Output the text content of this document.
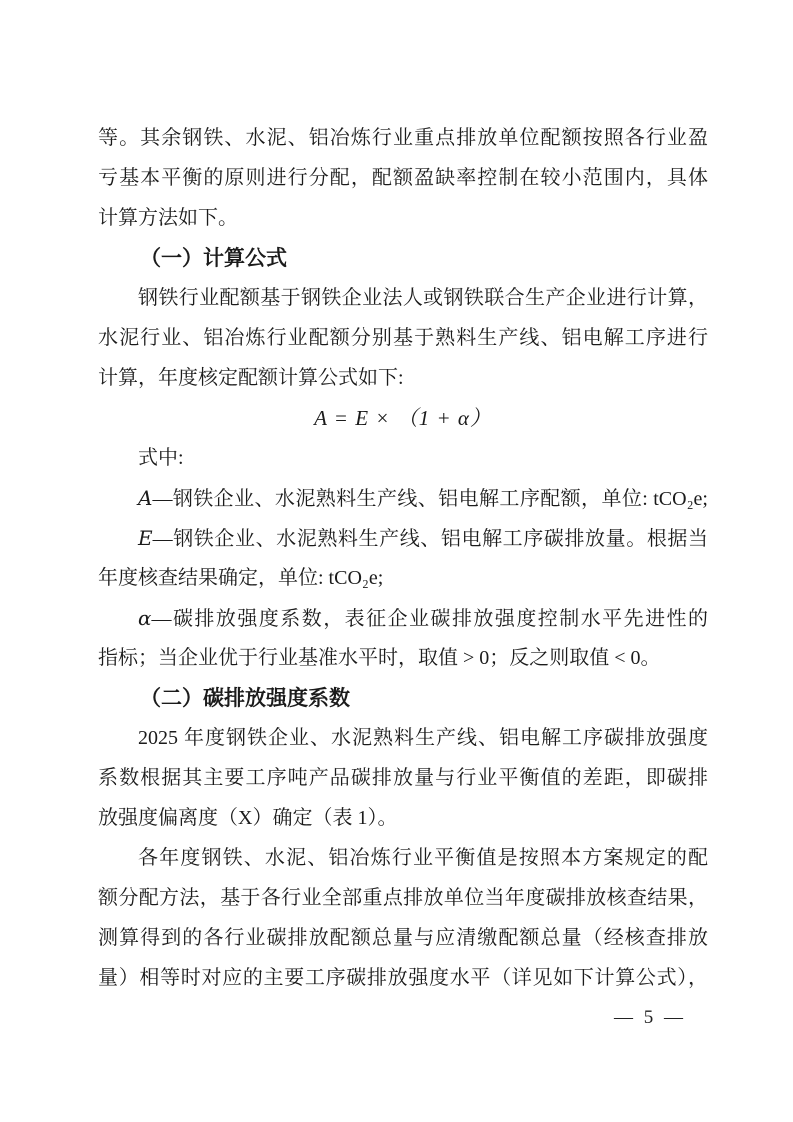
等。其余钢铁、水泥、铝冶炼行业重点排放单位配额按照各行业盈
亏基本平衡的原则进行分配，配额盈缺率控制在较小范围内，具体
计算方法如下。
（一）计算公式
钢铁行业配额基于钢铁企业法人或钢铁联合生产企业进行计算，
水泥行业、铝冶炼行业配额分别基于熟料生产线、铝电解工序进行
计算，年度核定配额计算公式如下:
A = E × （1 + α）
式中:
A—钢铁企业、水泥熟料生产线、铝电解工序配额，单位: tCO₂e;
E—钢铁企业、水泥熟料生产线、铝电解工序碳排放量。根据当
年度核查结果确定，单位: tCO₂e;
α—碳排放强度系数，表征企业碳排放强度控制水平先进性的
指标；当企业优于行业基准水平时，取值 > 0；反之则取值 < 0。
（二）碳排放强度系数
2025 年度钢铁企业、水泥熟料生产线、铝电解工序碳排放强度
系数根据其主要工序吨产品碳排放量与行业平衡值的差距，即碳排
放强度偏离度（X）确定（表 1）。
各年度钢铁、水泥、铝冶炼行业平衡值是按照本方案规定的配
额分配方法，基于各行业全部重点排放单位当年度碳排放核查结果，
测算得到的各行业碳排放配额总量与应清缴配额总量（经核查排放
量）相等时对应的主要工序碳排放强度水平（详见如下计算公式），
— 5 —
